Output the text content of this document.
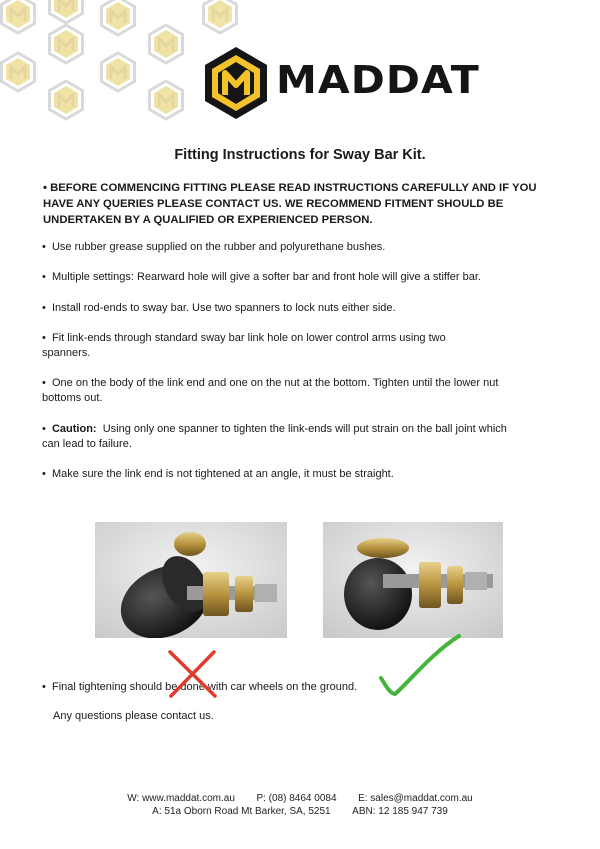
MADDAT
Fitting Instructions for Sway Bar Kit.
• BEFORE COMMENCING FITTING PLEASE READ INSTRUCTIONS CAREFULLY AND IF YOU HAVE ANY QUERIES PLEASE CONTACT US. WE RECOMMEND FITMENT SHOULD BE UNDERTAKEN BY A QUALIFIED OR EXPERIENCED PERSON.
• Use rubber grease supplied on the rubber and polyurethane bushes.
• Multiple settings: Rearward hole will give a softer bar and front hole will give a stiffer bar.
• Install rod-ends to sway bar. Use two spanners to lock nuts either side.
• Fit link-ends through standard sway bar link hole on lower control arms using two spanners.
• One on the body of the link end and one on the nut at the bottom. Tighten until the lower nut bottoms out.
• Caution: Using only one spanner to tighten the link-ends will put strain on the ball joint which can lead to failure.
• Make sure the link end is not tightened at an angle, it must be straight.
• Final tightening should be done with car wheels on the ground.
Any questions please contact us.
W: www.maddat.com.au P: (08) 8464 0084 E: sales@maddat.com.au
A: 51a Oborn Road Mt Barker, SA, 5251 ABN: 12 185 947 739
